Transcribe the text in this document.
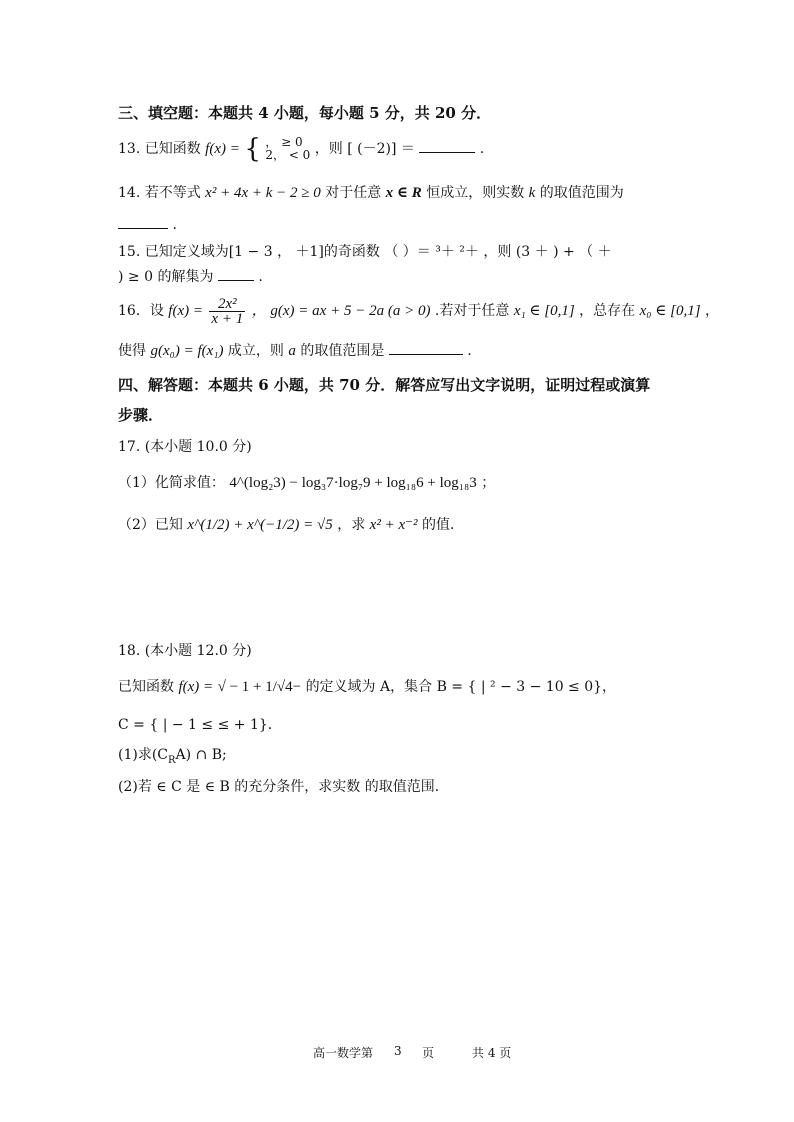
三、填空题：本题共 4 小题，每小题 5 分，共 20 分．
13. 已知函数 f(x) = { ， ≥ 0
2， < 0 ，则 [ (－2)] ＝	.
14. 若不等式 x² + 4x + k − 2 ≥ 0 对于任意 x ∈ R 恒成立，则实数 k 的取值范围为
.
15. 已知定义域为[1 − 3 ， ＋1]的奇函数 （ ）＝ ³＋ ²＋ ，则 (3 ＋ ) + （ ＋
) ≥ 0 的解集为	.
16．设 $f(x) = \frac{\text{2x²}}{x + 1}$ ， g(x) = ax + 5 − 2a (a > 0) .若对于任意 x₁ ∈ [0,1] ，总存在 x₀ ∈ [0,1] ，
使得 g(x₀) = f(x₁) 成立，则 a 的取值范围是	.
四、解答题：本题共 6 小题，共 70 分．解答应写出文字说明，证明过程或演算
步骤．
17. (本小题 10.0 分)
（1）化简求值： 4^(log₂3) − log₃7·log₇9 + log₁₈6 + log₁₈3 ；
（2）已知 x^(1/2) + x^(−1/2) = √5 ，求 x² + x⁻² 的值．
18. (本小题 12.0 分)
已知函数 f(x) = √ − 1 + 1/√4− 的定义域为 A，集合 B = { | ² − 3 − 10 ≤ 0}，
C = { | − 1 ≤ ≤ + 1}．
(1)求$(C_RA)$ ∩ B;
(2)若 ∈ C 是 ∈ B 的充分条件，求实数 的取值范围．
高一数学第 3 页	共 4 页
